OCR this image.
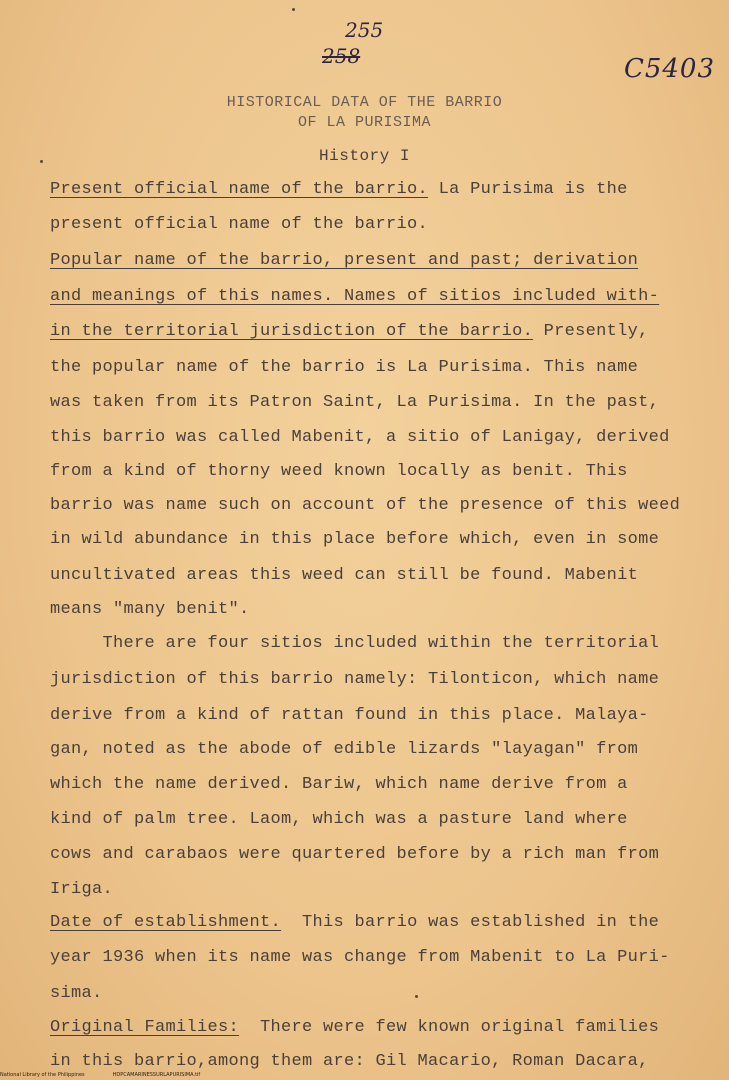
255
258	C5403
HISTORICAL DATA OF THE BARRIO
OF LA PURISIMA
History I
Present official name of the barrio. La Purisima is the
present official name of the barrio.
Popular name of the barrio, present and past; derivation
and meanings of this names. Names of sitios included with-
in the territorial jurisdiction of the barrio. Presently,
the popular name of the barrio is La Purisima. This name
was taken from its Patron Saint, La Purisima. In the past,
this barrio was called Mabenit, a sitio of Lanigay, derived
from a kind of thorny weed known locally as benit. This
barrio was name such on account of the presence of this weed
in wild abundance in this place before which, even in some
uncultivated areas this weed can still be found. Mabenit
means "many benit".
There are four sitios included within the territorial
jurisdiction of this barrio namely: Tilonticon, which name
derive from a kind of rattan found in this place. Malaya-
gan, noted as the abode of edible lizards "layagan" from
which the name derived. Bariw, which name derive from a
kind of palm tree. Laom, which was a pasture land where
cows and carabaos were quartered before by a rich man from
Iriga.
Date of establishment.  This barrio was established in the
year 1936 when its name was change from Mabenit to La Puri-
sima.
Original Families:  There were few known original families
in this barrio,among them are: Gil Macario, Roman Dacara,
National Library of the Philippines	HDPCAMARINESSURLAPURISIMA.tif
